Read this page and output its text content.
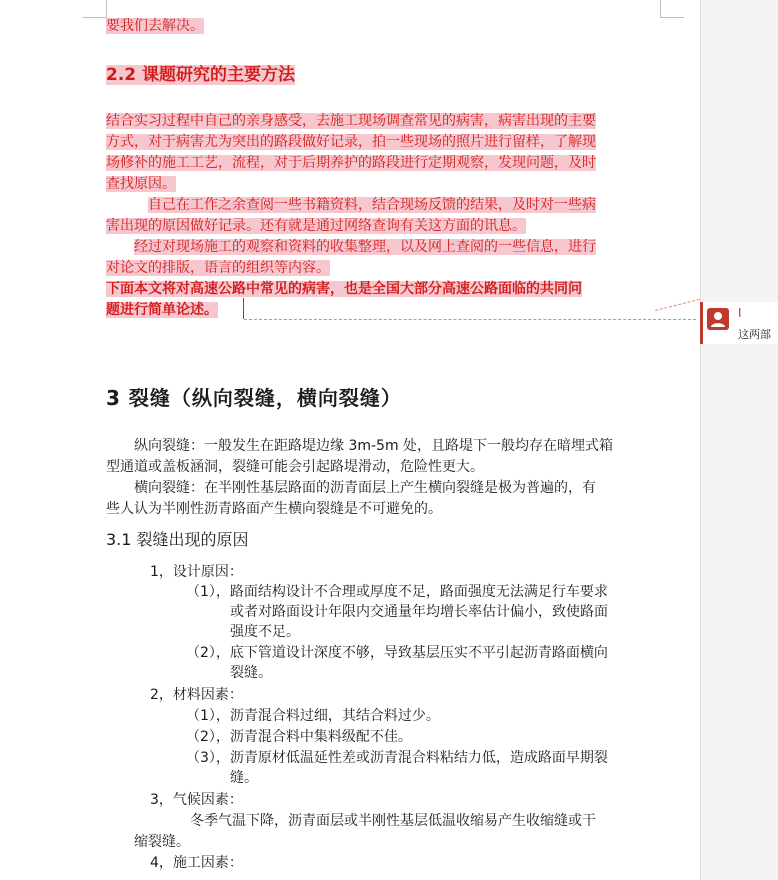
要我们去解决。
2.2 课题研究的主要方法
结合实习过程中自己的亲身感受，去施工现场调查常见的病害，病害出现的主要
方式，对于病害尤为突出的路段做好记录，拍一些现场的照片进行留样，了解现
场修补的施工工艺，流程，对于后期养护的路段进行定期观察，发现问题，及时
查找原因。
自己在工作之余查阅一些书籍资料，结合现场反馈的结果，及时对一些病
害出现的原因做好记录。还有就是通过网络查询有关这方面的讯息。
经过对现场施工的观察和资料的收集整理，以及网上查阅的一些信息，进行
对论文的排版，语言的组织等内容。
下面本文将对高速公路中常见的病害，也是全国大部分高速公路面临的共同问
题进行简单论述。
3 裂缝（纵向裂缝，横向裂缝）
纵向裂缝：一般发生在距路堤边缘 3m-5m 处，且路堤下一般均存在暗埋式箱
型通道或盖板涵洞，裂缝可能会引起路堤滑动，危险性更大。
横向裂缝：在半刚性基层路面的沥青面层上产生横向裂缝是极为普遍的，有
些人认为半刚性沥青路面产生横向裂缝是不可避免的。
3.1 裂缝出现的原因
1，设计原因：
（1），路面结构设计不合理或厚度不足，路面强度无法满足行车要求
或者对路面设计年限内交通量年均增长率估计偏小，致使路面
强度不足。
（2），底下管道设计深度不够，导致基层压实不平引起沥青路面横向
裂缝。
2，材料因素：
（1），沥青混合料过细，其结合料过少。
（2），沥青混合料中集料级配不佳。
（3），沥青原材低温延性差或沥青混合料粘结力低，造成路面早期裂
缝。
3，气候因素：
冬季气温下降，沥青面层或半刚性基层低温收缩易产生收缩缝或干
缩裂缝。
4，施工因素：
I
这两部
